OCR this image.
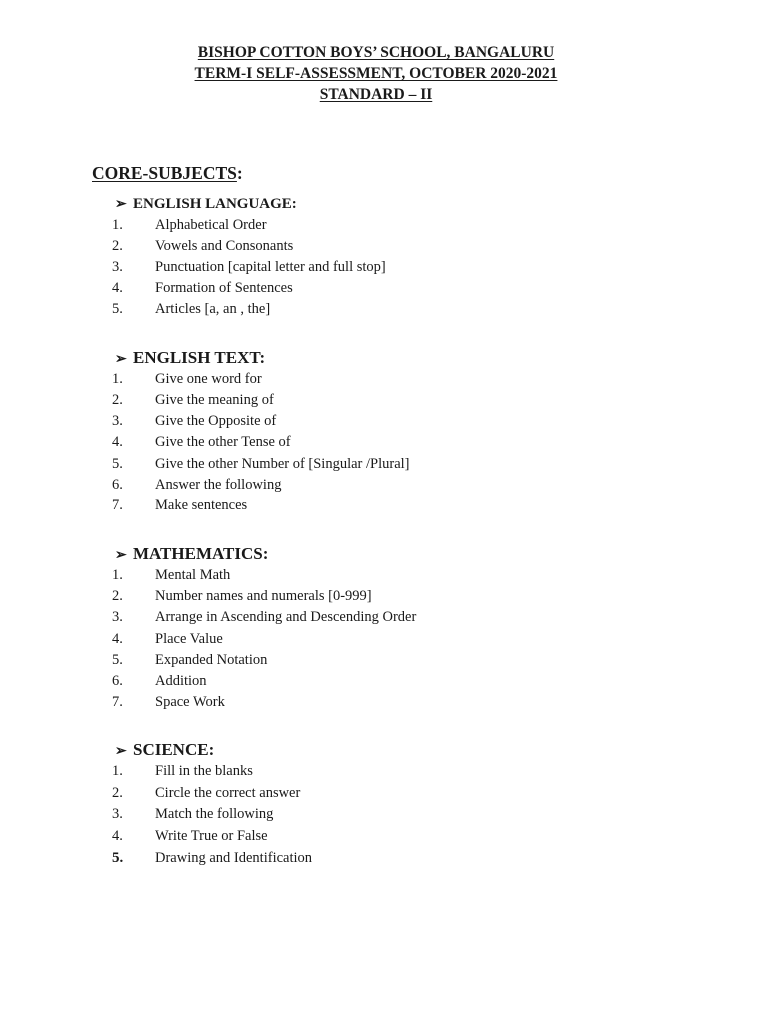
BISHOP COTTON BOYS’ SCHOOL, BANGALURU
TERM-I SELF-ASSESSMENT, OCTOBER 2020-2021
STANDARD – II
CORE-SUBJECTS:
➢ ENGLISH LANGUAGE:
1. Alphabetical Order
2. Vowels and Consonants
3. Punctuation [capital letter and full stop]
4. Formation of Sentences
5. Articles [a, an , the]
➢ ENGLISH TEXT:
1. Give one word for
2. Give the meaning of
3. Give the Opposite of
4. Give the other Tense of
5. Give the other Number of [Singular /Plural]
6. Answer the following
7. Make sentences
➢ MATHEMATICS:
1. Mental Math
2. Number names and numerals [0-999]
3. Arrange in Ascending and Descending Order
4. Place Value
5. Expanded Notation
6. Addition
7. Space Work
➢ SCIENCE:
1. Fill in the blanks
2. Circle the correct answer
3. Match the following
4. Write True or False
5. Drawing and Identification
